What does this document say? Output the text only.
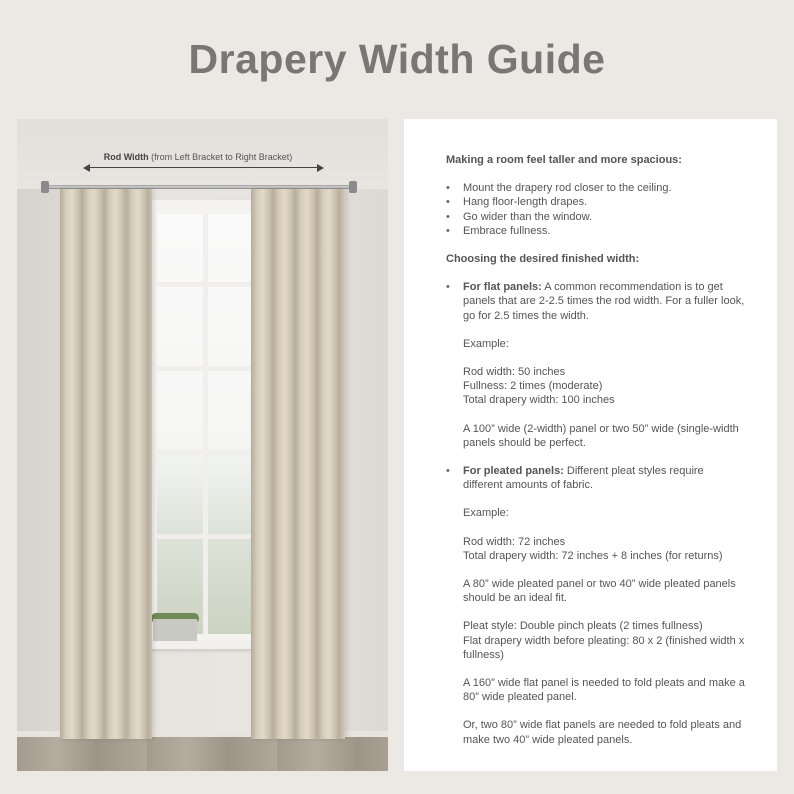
Drapery Width Guide
Rod Width (from Left Bracket to Right Bracket)	Making a room feel taller and more spacious:

• Mount the drapery rod closer to the ceiling.
• Hang floor-length drapes.
• Go wider than the window.
• Embrace fullness.

Choosing the desired finished width:

• For flat panels: A common recommendation is to get panels that are 2-2.5 times the rod width. For a fuller look, go for 2.5 times the width.

Example:

Rod width: 50 inches

Fullness: 2 times (moderate)

Total drapery width: 100 inches

A 100” wide (2-width) panel or two 50” wide (single-width panels should be perfect.

• For pleated panels: Different pleat styles require different amounts of fabric.

Example:

Rod width: 72 inches

Total drapery width: 72 inches + 8 inches (for returns)

A 80” wide pleated panel or two 40” wide pleated panels should be an ideal fit.

Pleat style: Double pinch pleats (2 times fullness)

Flat drapery width before pleating: 80 x 2 (finished width x fullness)

A 160” wide flat panel is needed to fold pleats and make a 80” wide pleated panel.

Or, two 80” wide flat panels are needed to fold pleats and make two 40” wide pleated panels.
